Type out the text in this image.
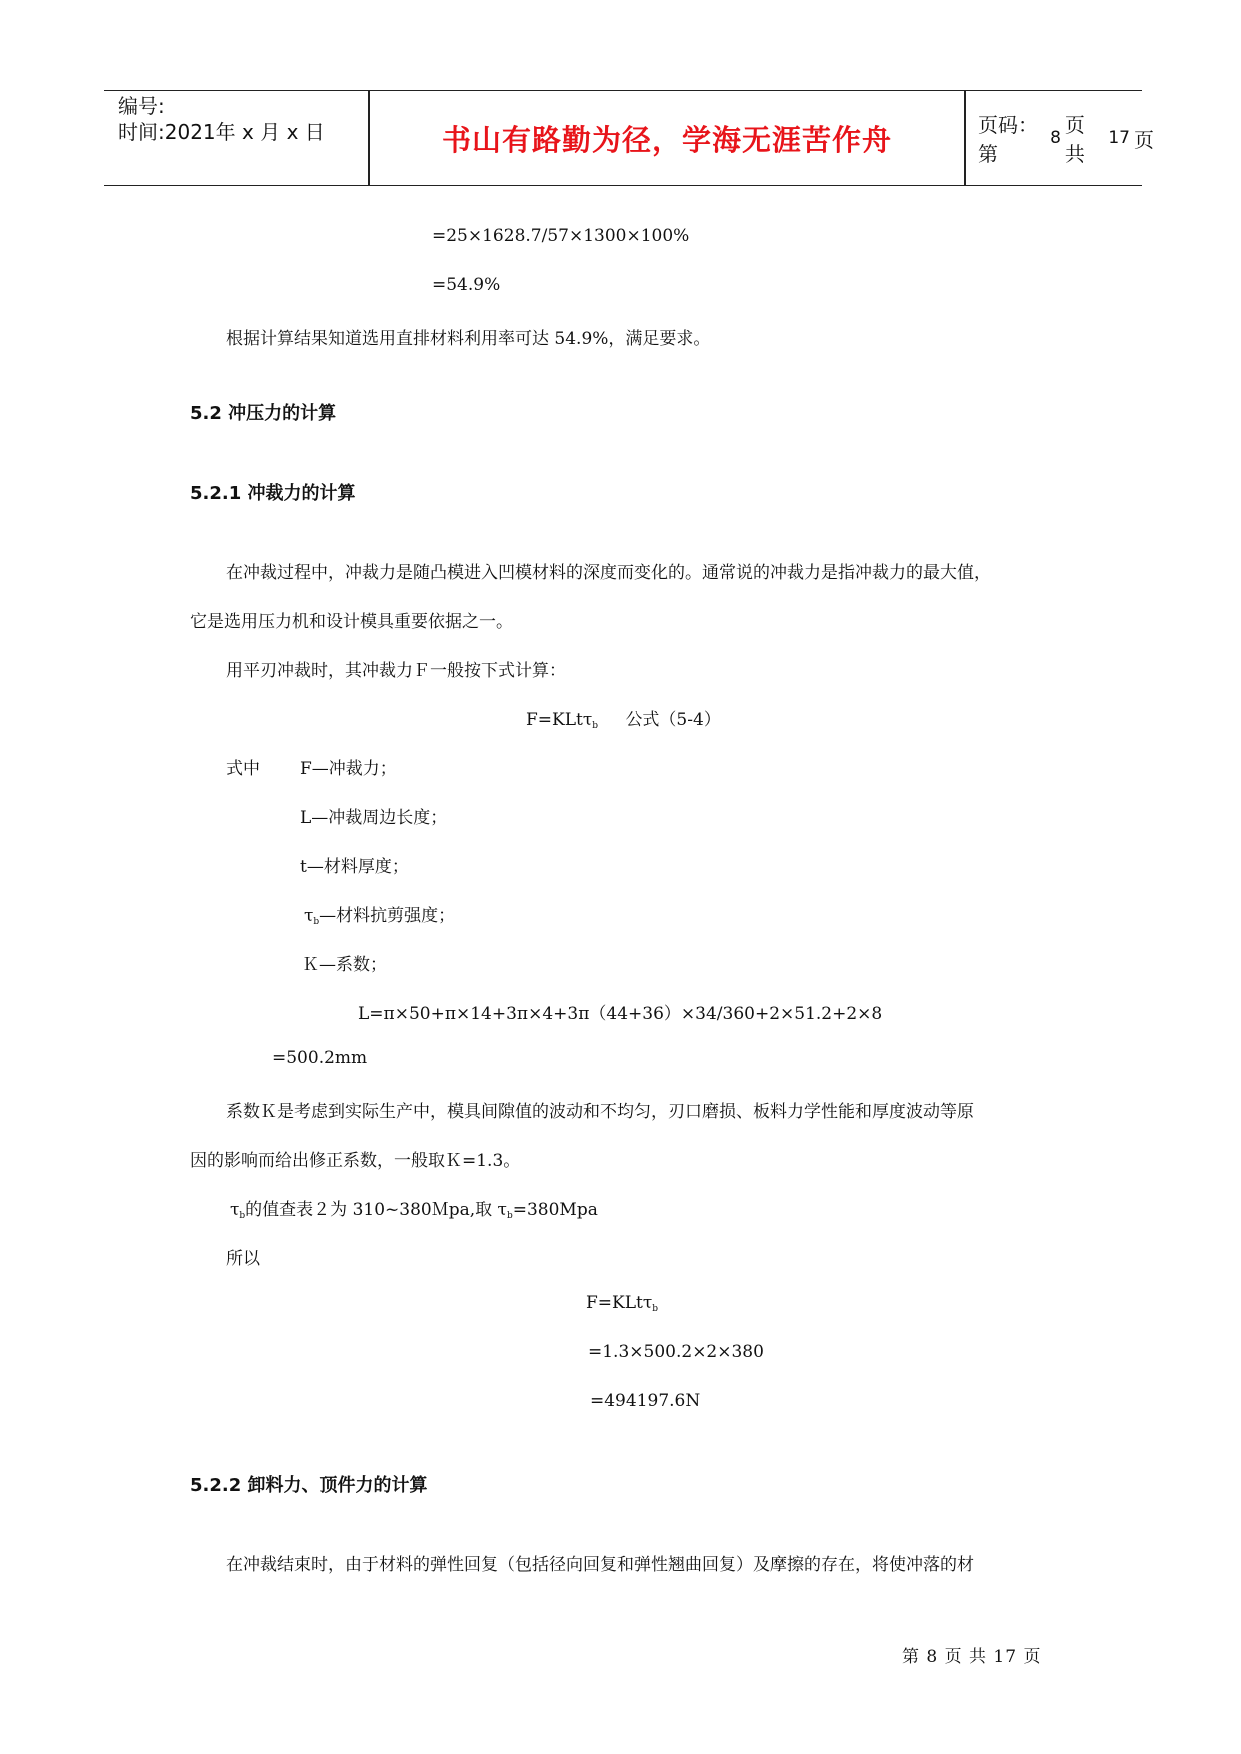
编号:
时间:2021年 x 月 x 日	书山有路勤为径，学海无涯苦作舟	页码：第
8
页 共
17 页
=25×1628.7/57×1300×100%
=54.9%
根据计算结果知道选用直排材料利用率可达 54.9%，满足要求。
5.2 冲压力的计算
5.2.1 冲裁力的计算
在冲裁过程中，冲裁力是随凸模进入凹模材料的深度而变化的。通常说的冲裁力是指冲裁力的最大值，
它是选用压力机和设计模具重要依据之一。
用平刃冲裁时，其冲裁力Ｆ一般按下式计算：
F=KLtτ$_b$ 公式（5-4）
式中 F—冲裁力；
L—冲裁周边长度；
t—材料厚度；
$\tau_b—$材料抗剪强度；
Ｋ—系数；
L=π×50+π×14+3π×4+3π（44+36）×34/360+2×51.2+2×8
=500.2mm
系数Ｋ是考虑到实际生产中，模具间隙值的波动和不均匀，刃口磨损、板料力学性能和厚度波动等原
因的影响而给出修正系数，一般取Ｋ=1.3。
$\tau_b$的值查表２为 310~380Ｍpa,取 $\tau_b=380Mpa$
所以
F=KLtτ$_b$
=1.3×500.2×2×380
=494197.6N
5.2.2 卸料力、顶件力的计算
在冲裁结束时，由于材料的弹性回复（包括径向回复和弹性翘曲回复）及摩擦的存在，将使冲落的材
第 8 页 共 17 页
